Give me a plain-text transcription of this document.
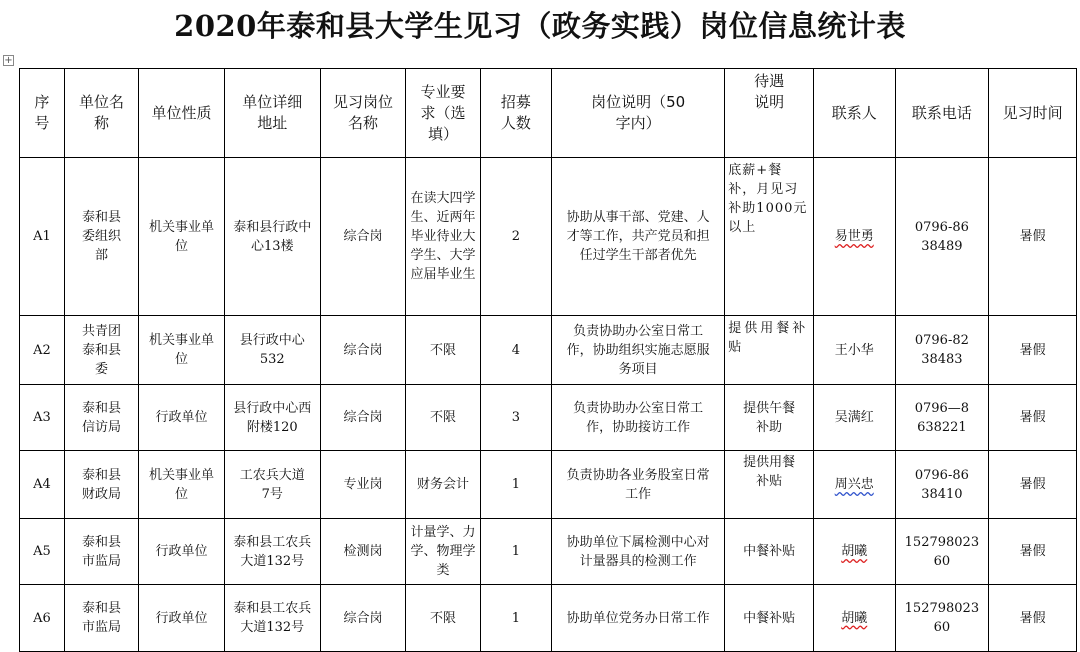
2020年泰和县大学生见习（政务实践）岗位信息统计表
+
序号	单位名称	单位性质	单位详细地址	见习岗位名称	专业要求（选填）	招募人数	岗位说明（50字内）	待遇说明	联系人	联系电话	见习时间
A1	泰和县委组织部	机关事业单位	泰和县行政中心13楼	综合岗	在读大四学生、近两年毕业待业大学生、大学应届毕业生	2	协助从事干部、党建、人才等工作，共产党员和担任过学生干部者优先	底薪+餐补，月见习补助1000元以上	易世勇	0796-8638489	暑假
A2	共青团泰和县委	机关事业单位	县行政中心532	综合岗	不限	4	负责协助办公室日常工作，协助组织实施志愿服务项目	提供用餐补贴	王小华	0796-8238483	暑假
A3	泰和县信访局	行政单位	县行政中心西附楼120	综合岗	不限	3	负责协助办公室日常工作，协助接访工作	提供午餐补助	吴满红	0796—8638221	暑假
A4	泰和县财政局	机关事业单位	工农兵大道7号	专业岗	财务会计	1	负责协助各业务股室日常工作	提供用餐补贴	周兴忠	0796-8638410	暑假
A5	泰和县市监局	行政单位	泰和县工农兵大道132号	检测岗	计量学、力学、物理学类	1	协助单位下属检测中心对计量器具的检测工作	中餐补贴	胡曦	15279802360	暑假
A6	泰和县市监局	行政单位	泰和县工农兵大道132号	综合岗	不限	1	协助单位党务办日常工作	中餐补贴	胡曦	15279802360	暑假
